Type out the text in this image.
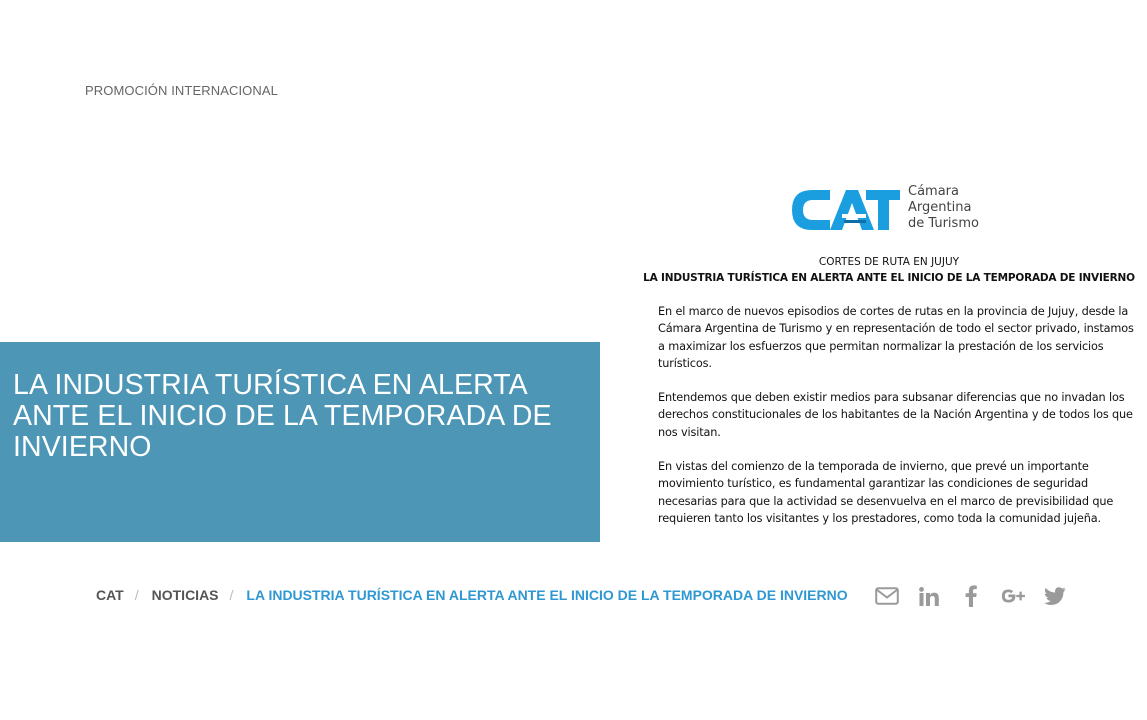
PROMOCIÓN INTERNACIONAL
LA INDUSTRIA TURÍSTICA EN ALERTA ANTE EL INICIO DE LA TEMPORADA DE INVIERNO
Cámara
Argentina
de Turismo
CORTES DE RUTA EN JUJUY
LA INDUSTRIA TURÍSTICA EN ALERTA ANTE EL INICIO DE LA TEMPORADA DE INVIERNO

En el marco de nuevos episodios de cortes de rutas en la provincia de Jujuy, desde la Cámara Argentina de Turismo y en representación de todo el sector privado, instamos a maximizar los esfuerzos que permitan normalizar la prestación de los servicios turísticos.

Entendemos que deben existir medios para subsanar diferencias que no invadan los derechos constitucionales de los habitantes de la Nación Argentina y de todos los que nos visitan.

En vistas del comienzo de la temporada de invierno, que prevé un importante movimiento turístico, es fundamental garantizar las condiciones de seguridad necesarias para que la actividad se desenvuelva en el marco de previsibilidad que requieren tanto los visitantes y los prestadores, como toda la comunidad jujeña.

CAT / NOTICIAS / LA INDUSTRIA TURÍSTICA EN ALERTA ANTE EL INICIO DE LA TEMPORADA DE INVIERNO
